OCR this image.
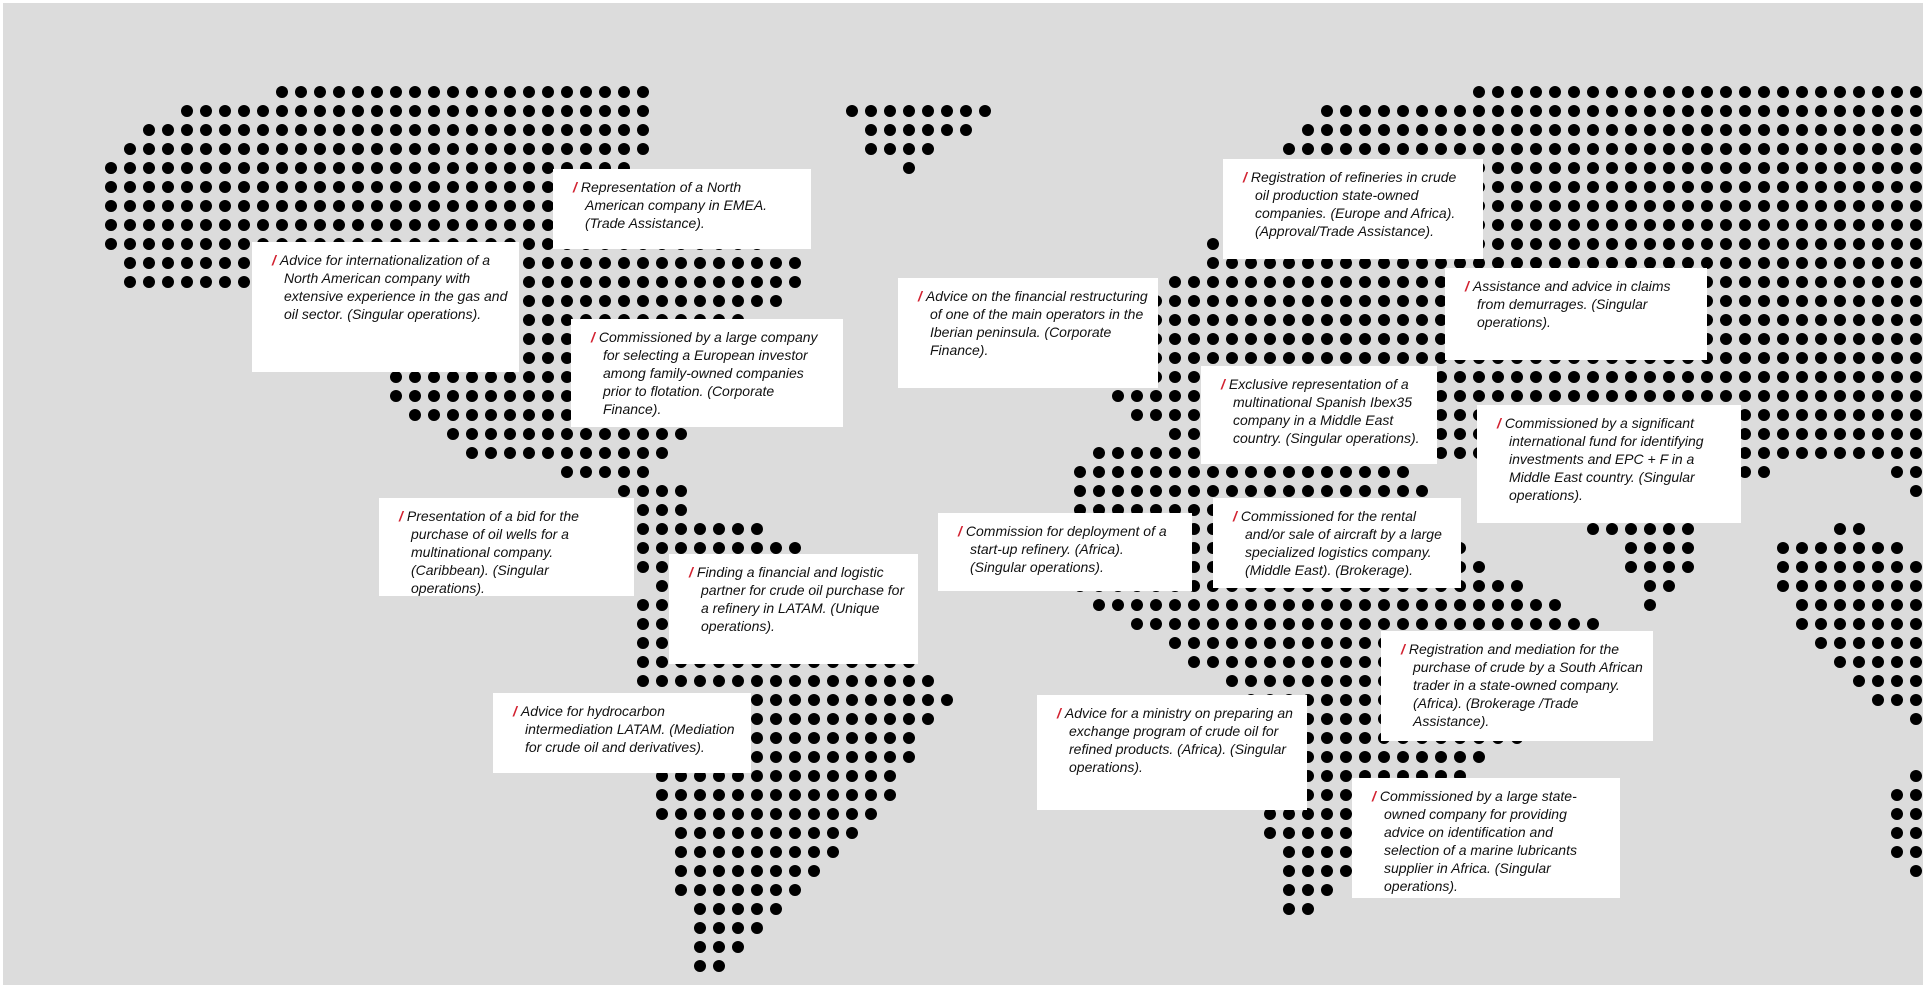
/ Advice for internationalization of a North American company with extensive experience in the gas and oil sector. (Singular operations).
/ Representation of a North American company in EMEA. (Trade Assistance).
/ Commissioned by a large company for selecting a European investor among family-owned companies prior to flotation. (Corporate Finance).
/ Presentation of a bid for the purchase of oil wells for a multinational company. (Caribbean). (Singular operations).
/ Finding a financial and logistic partner for crude oil purchase for a refinery in LATAM. (Unique operations).
/ Advice for hydrocarbon intermediation LATAM. (Mediation for crude oil and derivatives).
/ Advice on the financial restructuring of one of the main operators in the Iberian peninsula. (Corporate Finance).
/ Registration of refineries in crude oil production state-owned companies. (Europe and Africa). (Approval/Trade Assistance).
/ Assistance and advice in claims from demurrages. (Singular operations).
/ Exclusive representation of a multinational Spanish Ibex35 company in a Middle East country. (Singular operations).
/ Commissioned by a significant international fund for identifying investments and EPC + F in a Middle East country. (Singular operations).
/ Commission for deployment of a start-up refinery. (Africa). (Singular operations).
/ Commissioned for the rental and/or sale of aircraft by a large specialized logistics company. (Middle East). (Brokerage).
/ Registration and mediation for the purchase of crude by a South African trader in a state-owned company. (Africa). (Brokerage /Trade Assistance).
/ Advice for a ministry on preparing an exchange program of crude oil for refined products. (Africa). (Singular operations).
/ Commissioned by a large state-owned company for providing advice on identification and selection of a marine lubricants supplier in Africa. (Singular operations).
